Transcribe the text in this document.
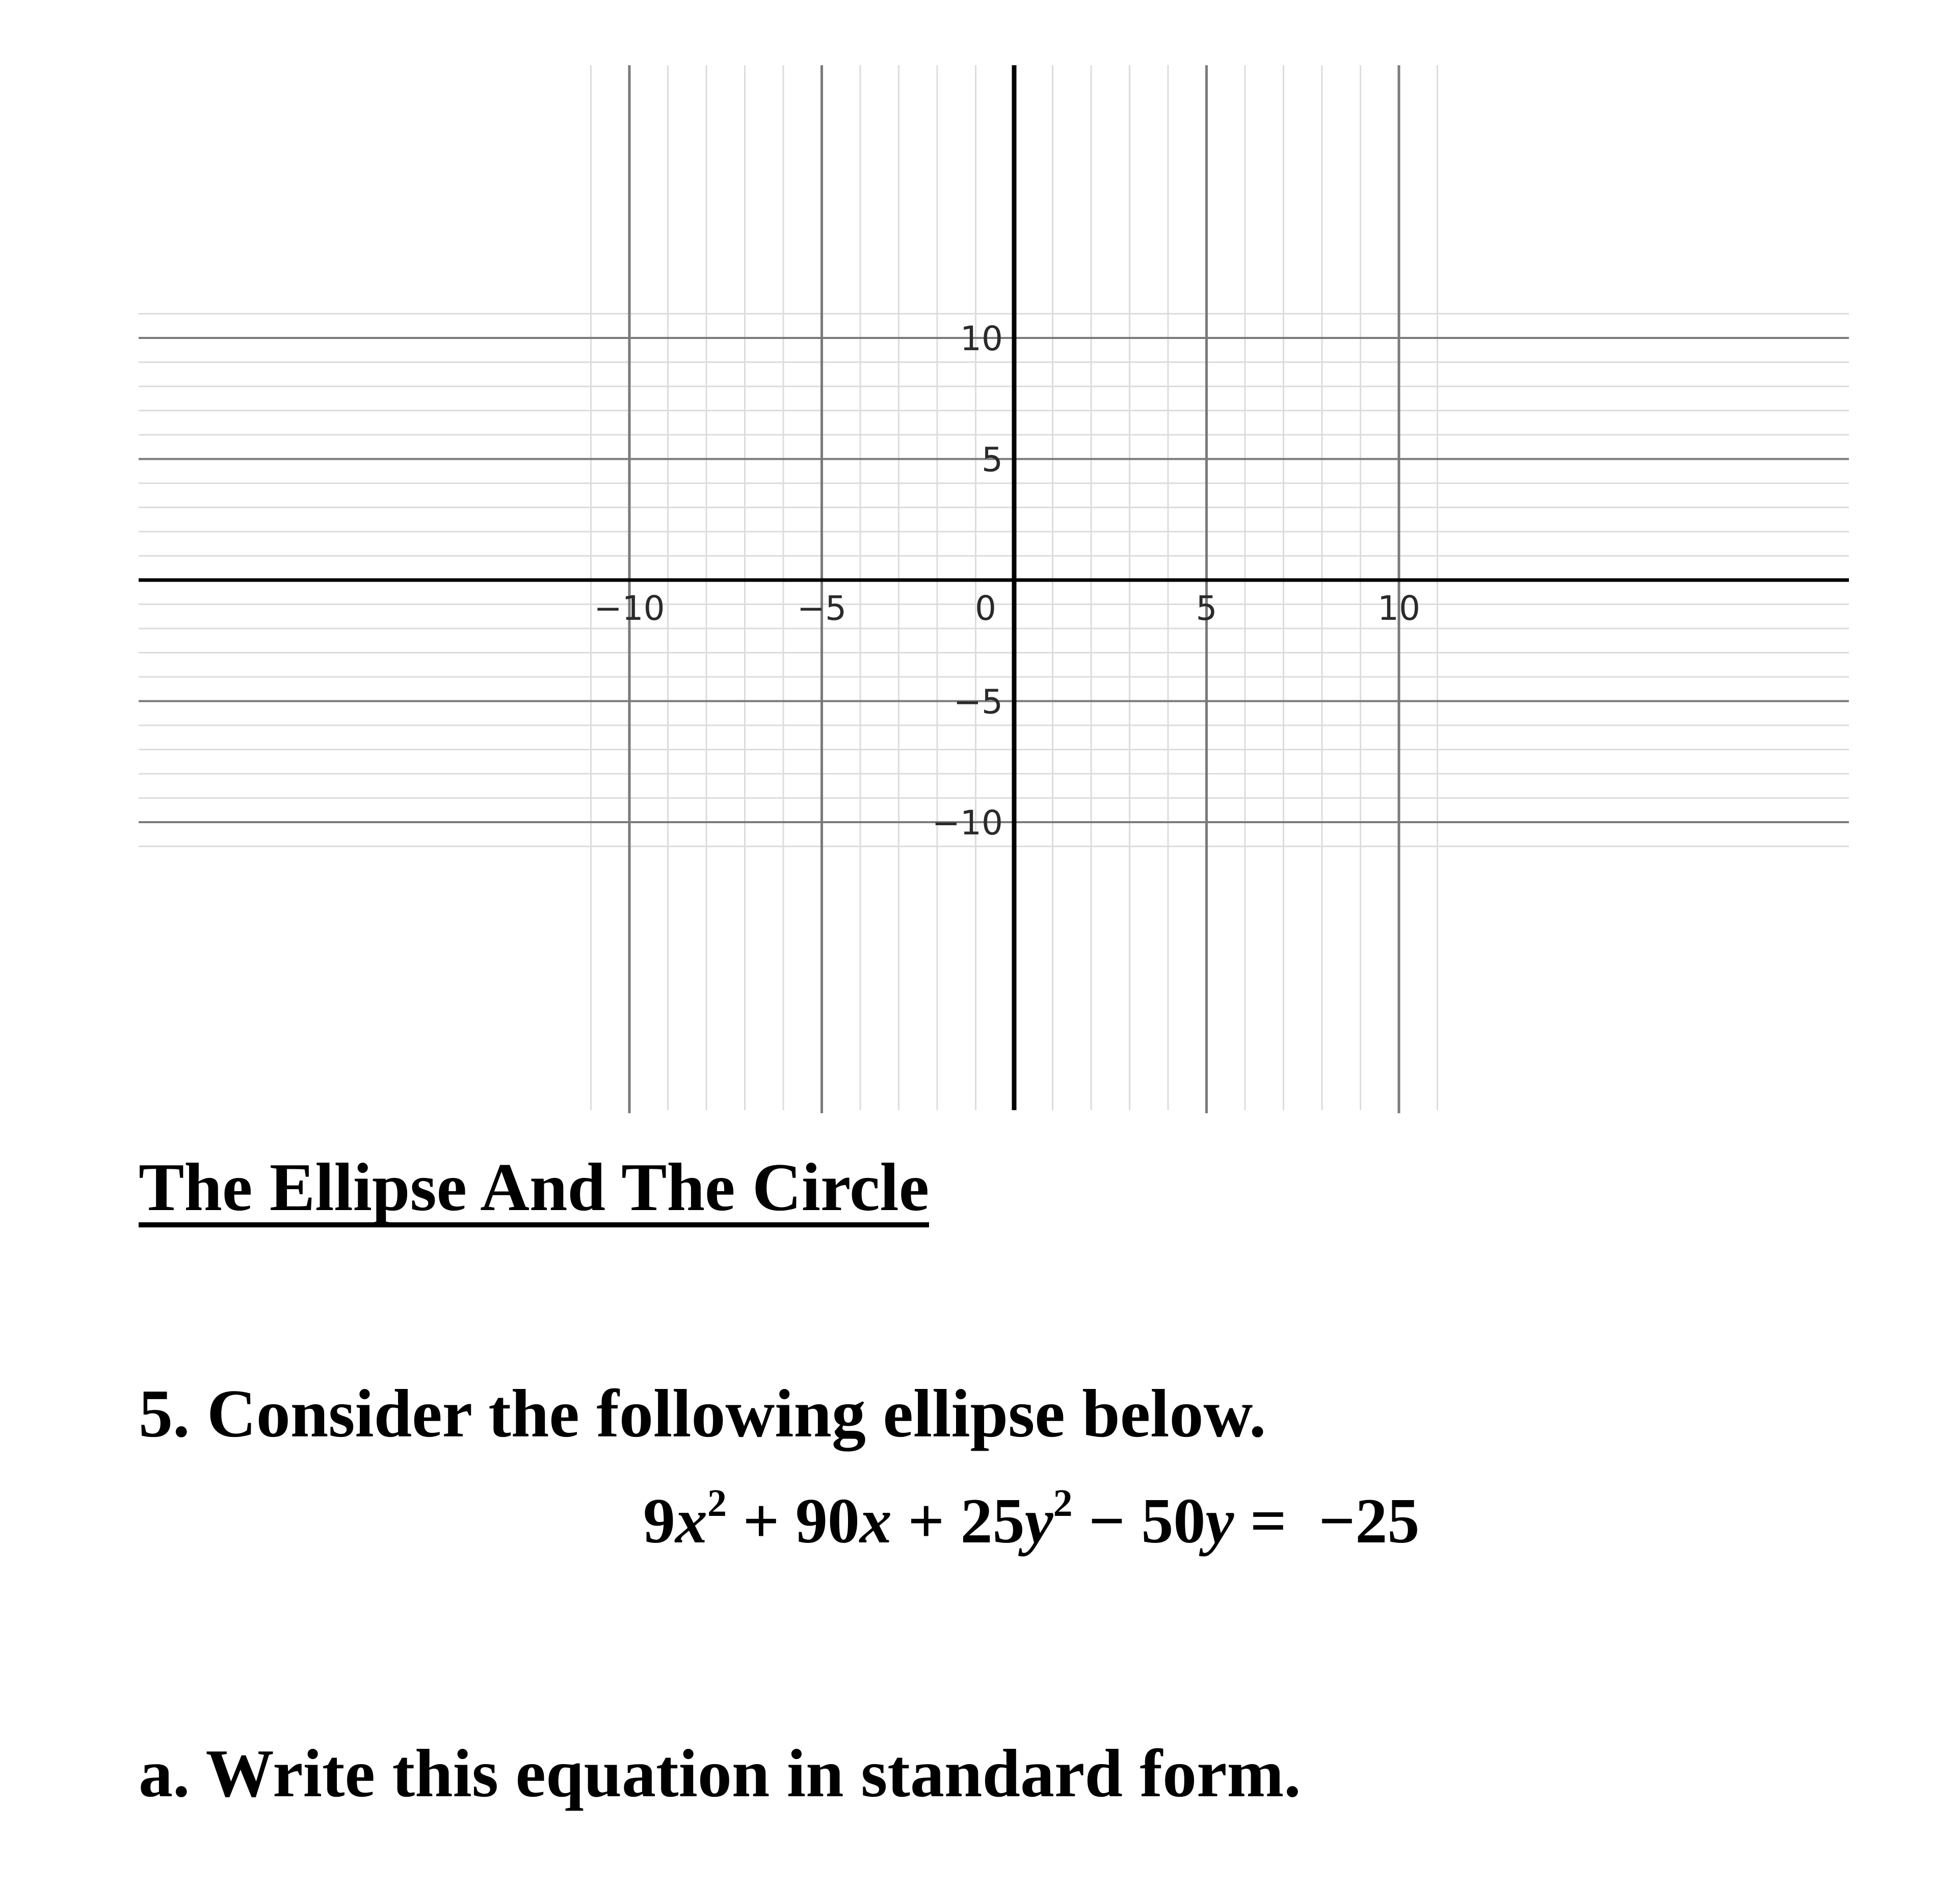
−10	−5	0	5	10
10
5
−5
−10
The Ellipse And The Circle

5. Consider the following ellipse below.

$9x^2 + 90x + 25y^2 - 50y = -25$

a. Write this equation in standard form.
